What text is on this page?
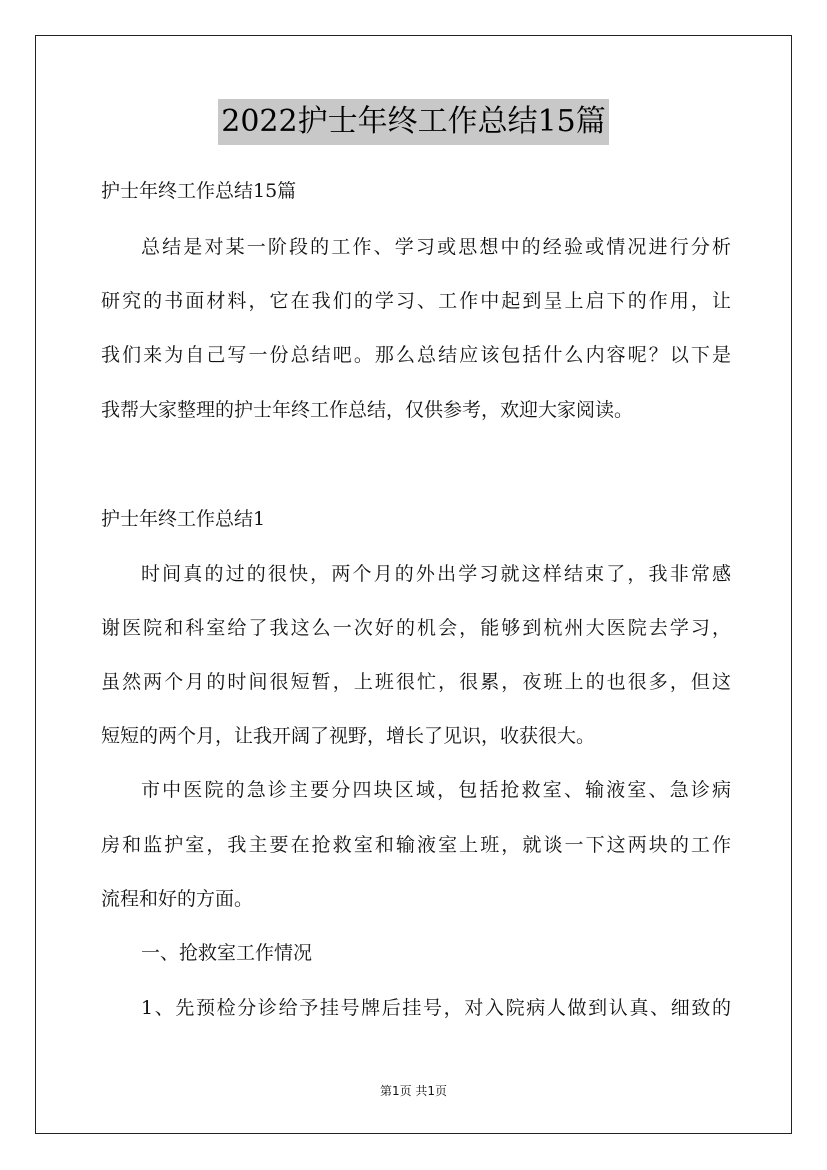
2022护士年终工作总结15篇
护士年终工作总结15篇
总结是对某一阶段的工作、学习或思想中的经验或情况进行分析
研究的书面材料，它在我们的学习、工作中起到呈上启下的作用，让
我们来为自己写一份总结吧。那么总结应该包括什么内容呢？以下是
我帮大家整理的护士年终工作总结，仅供参考，欢迎大家阅读。
护士年终工作总结1
时间真的过的很快，两个月的外出学习就这样结束了，我非常感
谢医院和科室给了我这么一次好的机会，能够到杭州大医院去学习，
虽然两个月的时间很短暂，上班很忙，很累，夜班上的也很多，但这
短短的两个月，让我开阔了视野，增长了见识，收获很大。
市中医院的急诊主要分四块区域，包括抢救室、输液室、急诊病
房和监护室，我主要在抢救室和输液室上班，就谈一下这两块的工作
流程和好的方面。
一、抢救室工作情况
1、先预检分诊给予挂号牌后挂号，对入院病人做到认真、细致的
第1页 共1页
